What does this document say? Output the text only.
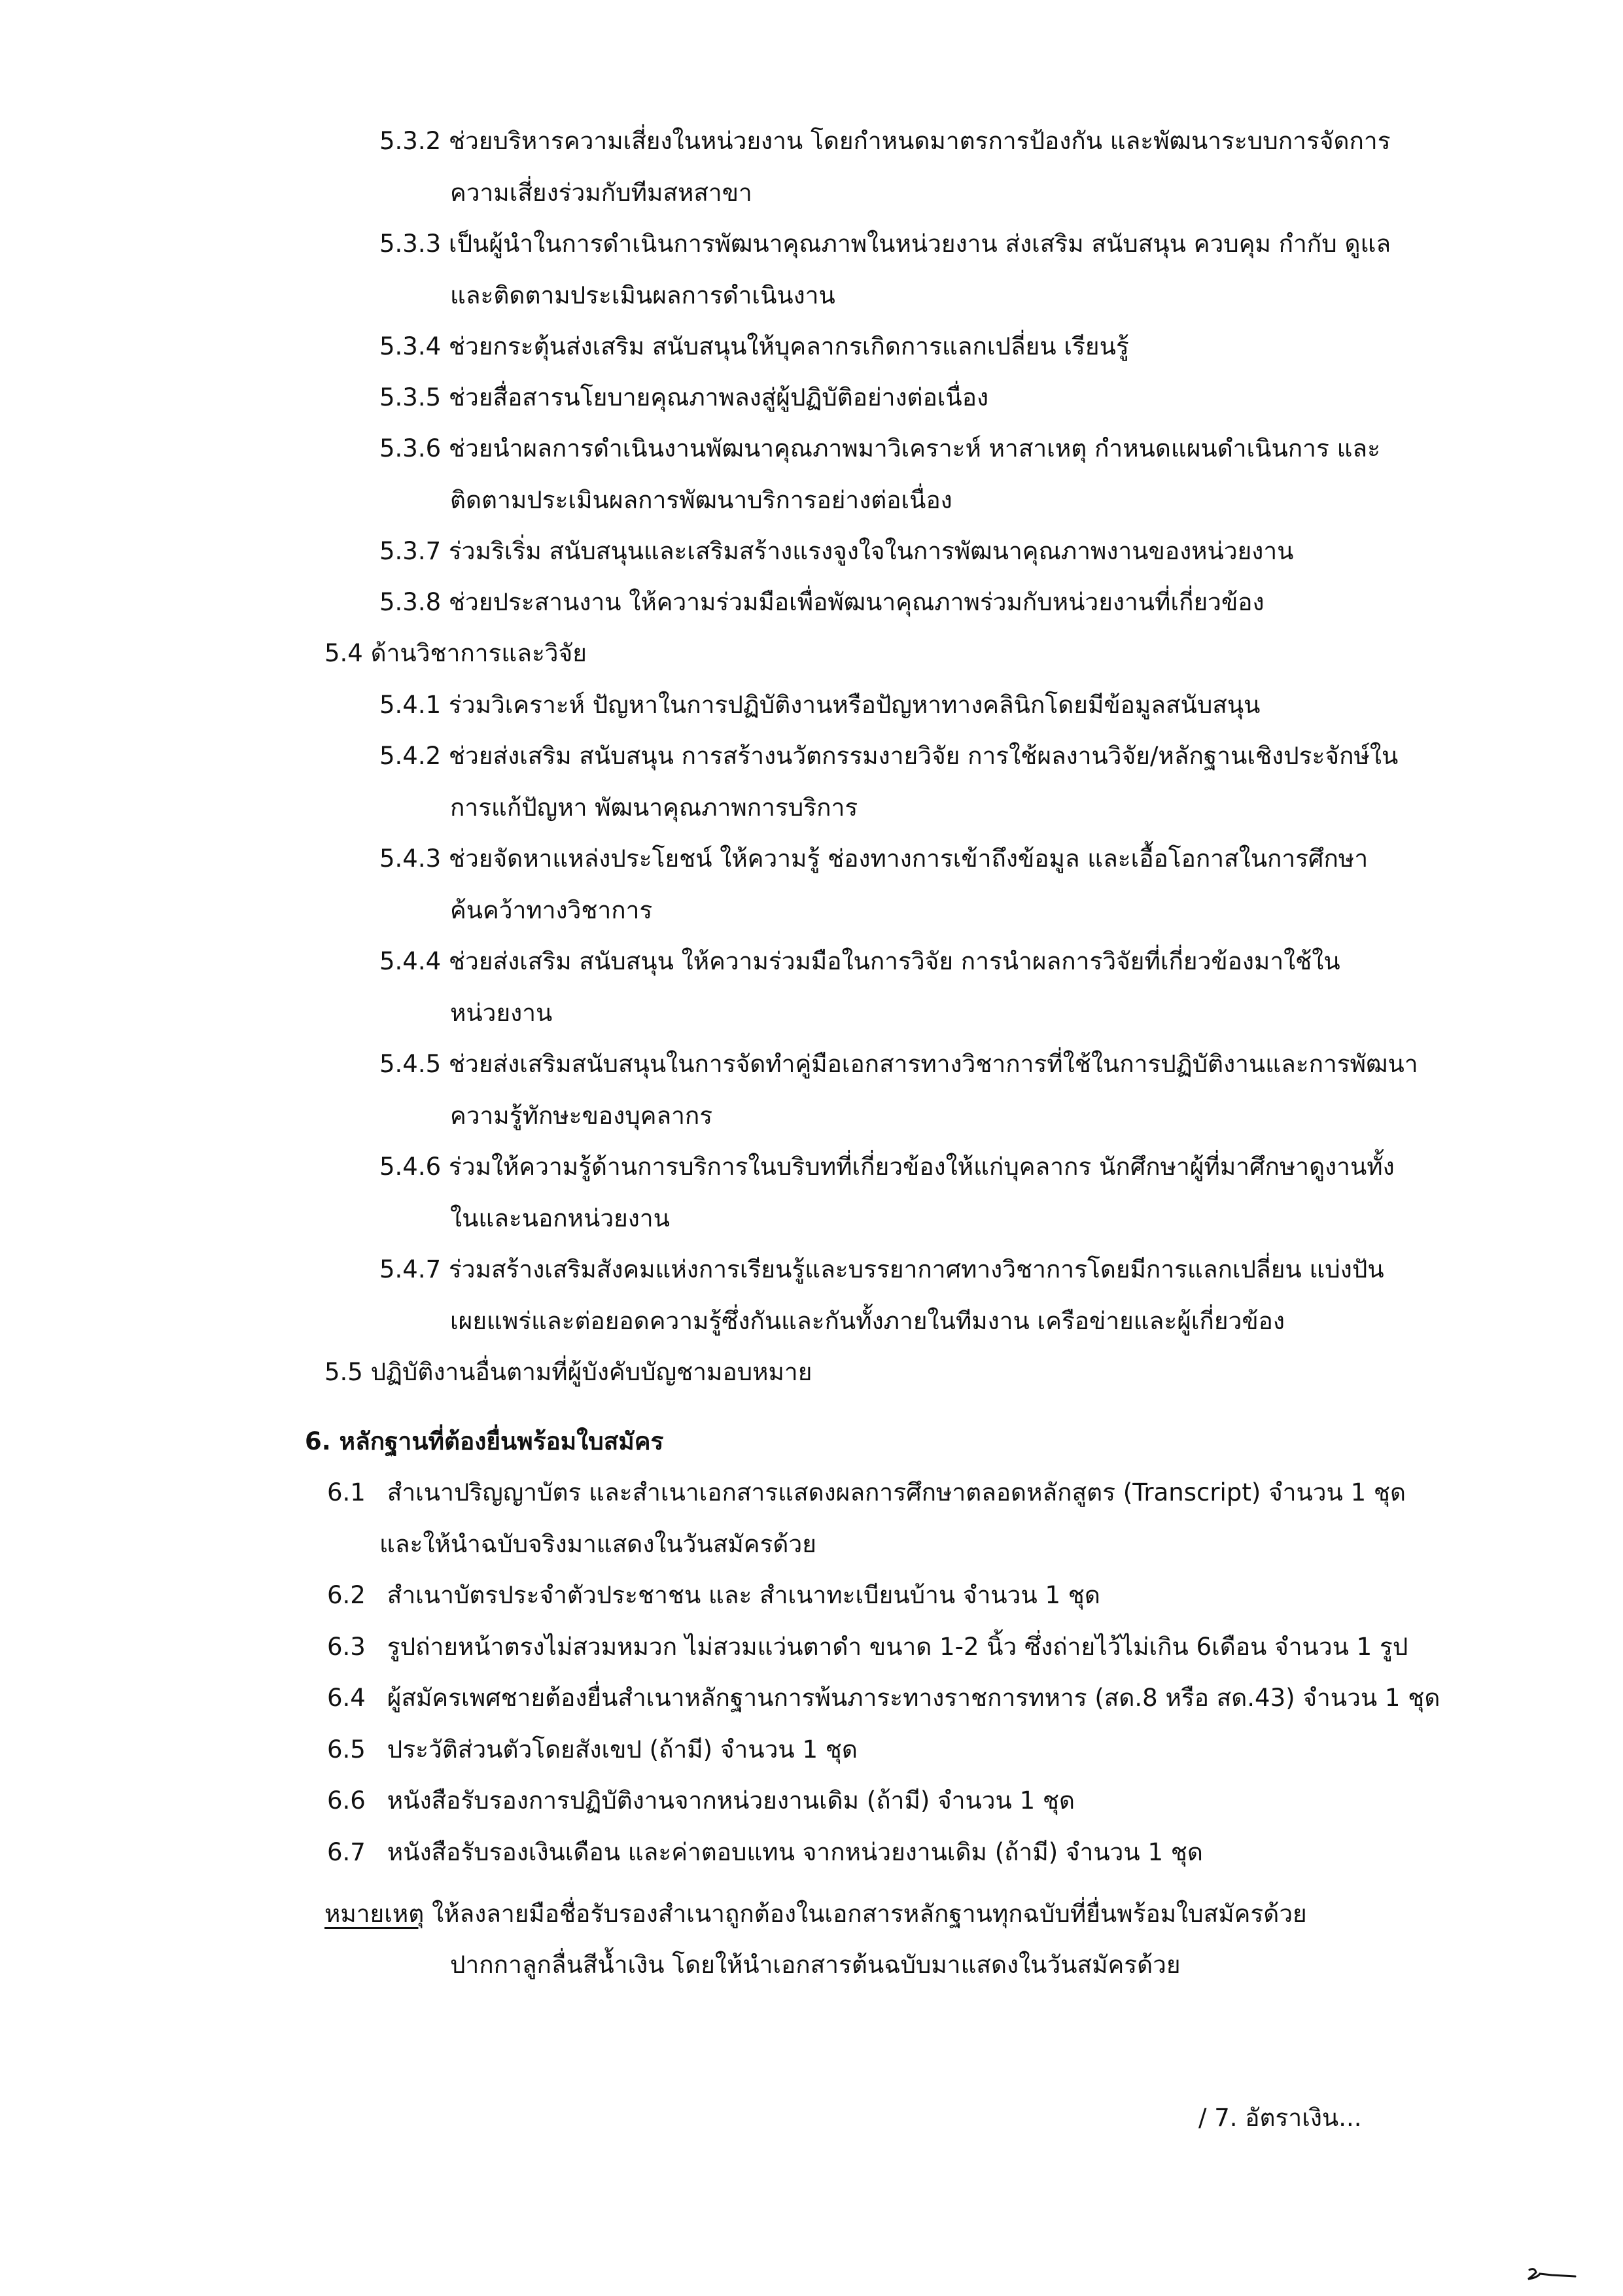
5.3.2 ช่วยบริหารความเสี่ยงในหน่วยงาน โดยกำหนดมาตรการป้องกัน และพัฒนาระบบการจัดการ
ความเสี่ยงร่วมกับทีมสหสาขา
5.3.3 เป็นผู้นำในการดำเนินการพัฒนาคุณภาพในหน่วยงาน ส่งเสริม สนับสนุน ควบคุม กำกับ ดูแล
และติดตามประเมินผลการดำเนินงาน
5.3.4 ช่วยกระตุ้นส่งเสริม สนับสนุนให้บุคลากรเกิดการแลกเปลี่ยน เรียนรู้
5.3.5 ช่วยสื่อสารนโยบายคุณภาพลงสู่ผู้ปฏิบัติอย่างต่อเนื่อง
5.3.6 ช่วยนำผลการดำเนินงานพัฒนาคุณภาพมาวิเคราะห์ หาสาเหตุ กำหนดแผนดำเนินการ และ
ติดตามประเมินผลการพัฒนาบริการอย่างต่อเนื่อง
5.3.7 ร่วมริเริ่ม สนับสนุนและเสริมสร้างแรงจูงใจในการพัฒนาคุณภาพงานของหน่วยงาน
5.3.8 ช่วยประสานงาน ให้ความร่วมมือเพื่อพัฒนาคุณภาพร่วมกับหน่วยงานที่เกี่ยวข้อง
5.4 ด้านวิชาการและวิจัย
5.4.1 ร่วมวิเคราะห์ ปัญหาในการปฏิบัติงานหรือปัญหาทางคลินิกโดยมีข้อมูลสนับสนุน
5.4.2 ช่วยส่งเสริม สนับสนุน การสร้างนวัตกรรมงายวิจัย การใช้ผลงานวิจัย/หลักฐานเชิงประจักษ์ใน
การแก้ปัญหา พัฒนาคุณภาพการบริการ
5.4.3 ช่วยจัดหาแหล่งประโยชน์ ให้ความรู้ ช่องทางการเข้าถึงข้อมูล และเอื้อโอกาสในการศึกษา
ค้นคว้าทางวิชาการ
5.4.4 ช่วยส่งเสริม สนับสนุน ให้ความร่วมมือในการวิจัย การนำผลการวิจัยที่เกี่ยวข้องมาใช้ใน
หน่วยงาน
5.4.5 ช่วยส่งเสริมสนับสนุนในการจัดทำคู่มือเอกสารทางวิชาการที่ใช้ในการปฏิบัติงานและการพัฒนา
ความรู้ทักษะของบุคลากร
5.4.6 ร่วมให้ความรู้ด้านการบริการในบริบทที่เกี่ยวข้องให้แก่บุคลากร นักศึกษาผู้ที่มาศึกษาดูงานทั้ง
ในและนอกหน่วยงาน
5.4.7 ร่วมสร้างเสริมสังคมแห่งการเรียนรู้และบรรยากาศทางวิชาการโดยมีการแลกเปลี่ยน แบ่งปัน
เผยแพร่และต่อยอดความรู้ซึ่งกันและกันทั้งภายในทีมงาน เครือข่ายและผู้เกี่ยวข้อง
5.5 ปฏิบัติงานอื่นตามที่ผู้บังคับบัญชามอบหมาย
6. หลักฐานที่ต้องยื่นพร้อมใบสมัคร
6.1 สำเนาปริญญาบัตร และสำเนาเอกสารแสดงผลการศึกษาตลอดหลักสูตร (Transcript) จำนวน 1 ชุด
และให้นำฉบับจริงมาแสดงในวันสมัครด้วย
6.2 สำเนาบัตรประจำตัวประชาชน และ สำเนาทะเบียนบ้าน จำนวน 1 ชุด
6.3 รูปถ่ายหน้าตรงไม่สวมหมวก ไม่สวมแว่นตาดำ ขนาด 1-2 นิ้ว ซึ่งถ่ายไว้ไม่เกิน 6เดือน จำนวน 1 รูป
6.4 ผู้สมัครเพศชายต้องยื่นสำเนาหลักฐานการพ้นภาระทางราชการทหาร (สด.8 หรือ สด.43) จำนวน 1 ชุด
6.5 ประวัติส่วนตัวโดยสังเขป (ถ้ามี) จำนวน 1 ชุด
6.6 หนังสือรับรองการปฏิบัติงานจากหน่วยงานเดิม (ถ้ามี) จำนวน 1 ชุด
6.7 หนังสือรับรองเงินเดือน และค่าตอบแทน จากหน่วยงานเดิม (ถ้ามี) จำนวน 1 ชุด
หมายเหตุ ให้ลงลายมือชื่อรับรองสำเนาถูกต้องในเอกสารหลักฐานทุกฉบับที่ยื่นพร้อมใบสมัครด้วย
ปากกาลูกลื่นสีน้ำเงิน โดยให้นำเอกสารต้นฉบับมาแสดงในวันสมัครด้วย
/ 7. อัตราเงิน...
